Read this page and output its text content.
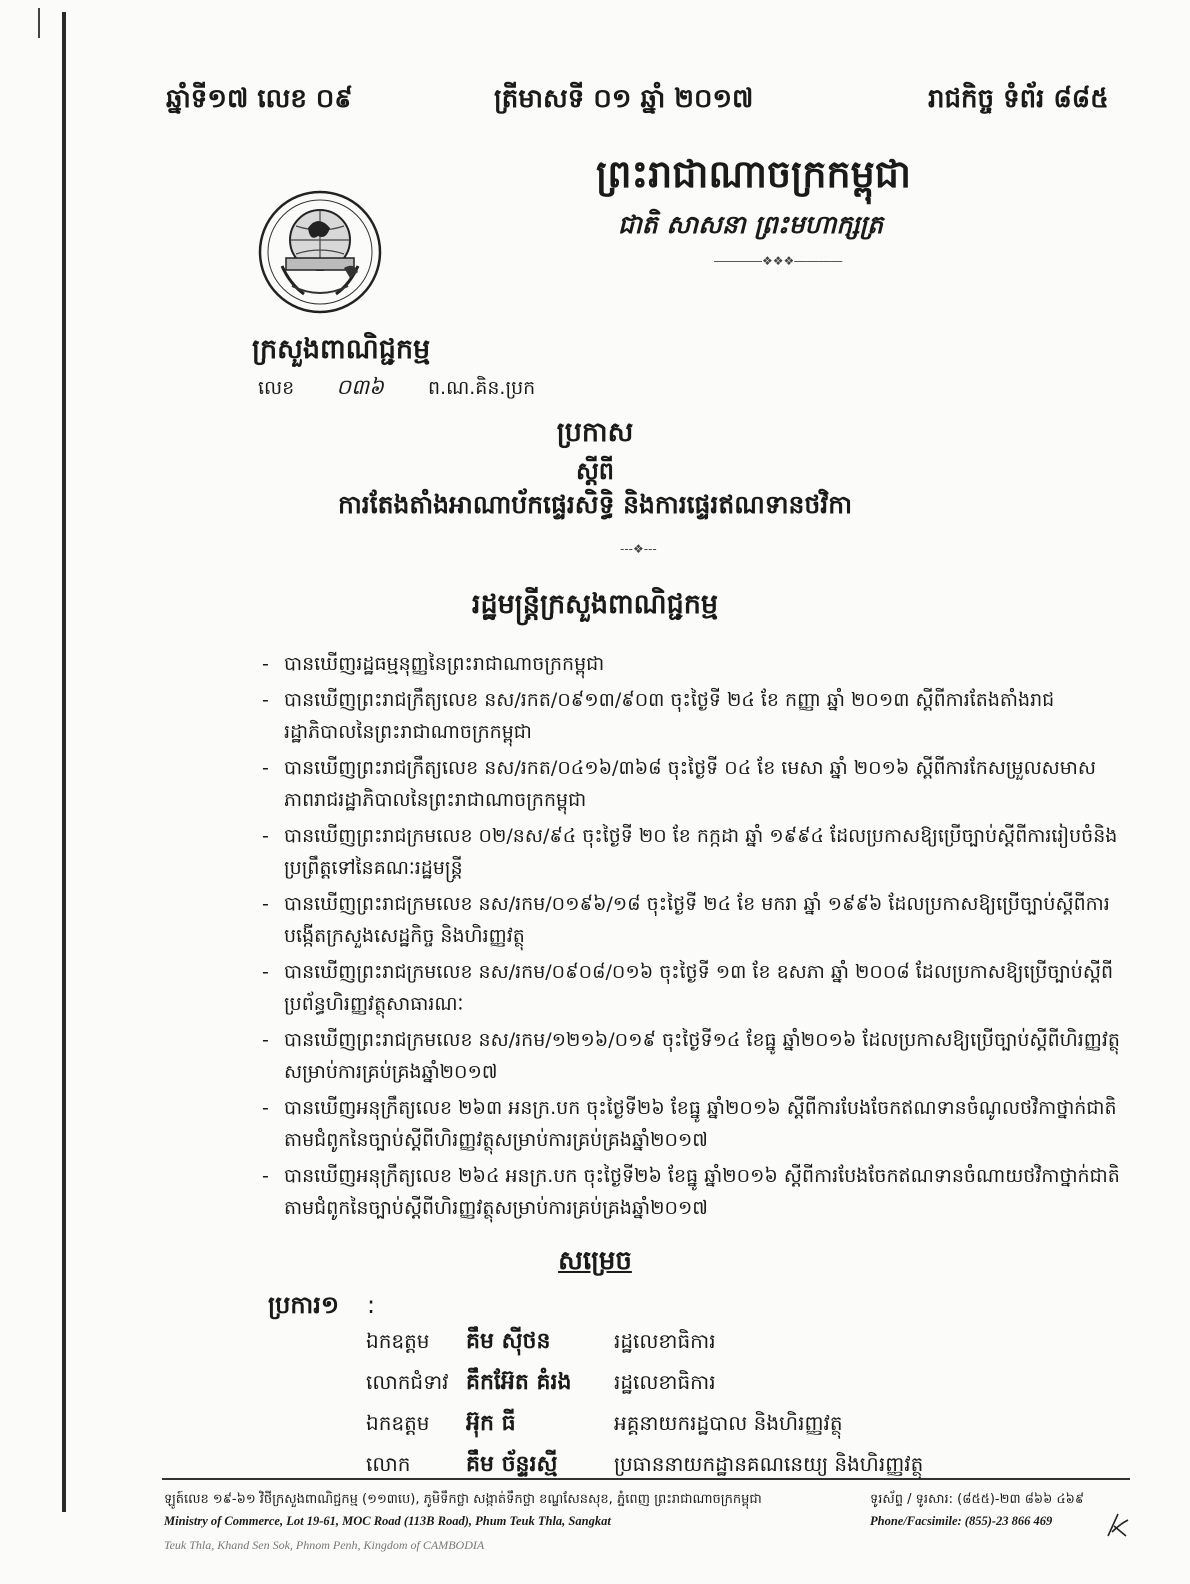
ឆ្នាំទី១៧ លេខ ០៩	ត្រីមាសទី ០១ ឆ្នាំ ២០១៧	រាជកិច្ច ទំព័រ ៨៨៥
ព្រះរាជាណាចក្រកម្ពុជា
ជាតិ សាសនា ព្រះមហាក្សត្រ
――――❖❖❖――――
ក្រសួងពាណិជ្ជកម្ម
លេខ ០៣៦ ព.ណ.គិន.ប្រក
ប្រកាស
ស្តីពី
ការតែងតាំងអាណាប័កផ្ទេរសិទ្ធិ និងការផ្ទេរឥណទានថវិកា
---❖---
រដ្ឋមន្ត្រីក្រសួងពាណិជ្ជកម្ម
- បានឃើញរដ្ឋធម្មនុញ្ញនៃព្រះរាជាណាចក្រកម្ពុជា
- បានឃើញព្រះរាជក្រឹត្យលេខ នស/រកត/០៩១៣/៩០៣ ចុះថ្ងៃទី ២៤ ខែ កញ្ញា ឆ្នាំ ២០១៣ ស្តីពីការតែងតាំងរាជរដ្ឋាភិបាលនៃព្រះរាជាណាចក្រកម្ពុជា
- បានឃើញព្រះរាជក្រឹត្យលេខ នស/រកត/០៤១៦/៣៦៨ ចុះថ្ងៃទី ០៤ ខែ មេសា ឆ្នាំ ២០១៦ ស្តីពីការកែសម្រួលសមាសភាពរាជរដ្ឋាភិបាលនៃព្រះរាជាណាចក្រកម្ពុជា
- បានឃើញព្រះរាជក្រមលេខ ០២/នស/៩៤ ចុះថ្ងៃទី ២០ ខែ កក្កដា ឆ្នាំ ១៩៩៤ ដែលប្រកាសឱ្យប្រើច្បាប់ស្តីពីការរៀបចំនិងប្រព្រឹត្តទៅនៃគណៈរដ្ឋមន្ត្រី
- បានឃើញព្រះរាជក្រមលេខ នស/រកម/០១៩៦/១៨ ចុះថ្ងៃទី ២៤ ខែ មករា ឆ្នាំ ១៩៩៦ ដែលប្រកាសឱ្យប្រើច្បាប់ស្តីពីការបង្កើតក្រសួងសេដ្ឋកិច្ច និងហិរញ្ញវត្ថុ
- បានឃើញព្រះរាជក្រមលេខ នស/រកម/០៩០៨/០១៦ ចុះថ្ងៃទី ១៣ ខែ ឧសភា ឆ្នាំ ២០០៨ ដែលប្រកាសឱ្យប្រើច្បាប់ស្តីពីប្រព័ន្ធហិរញ្ញវត្ថុសាធារណៈ
- បានឃើញព្រះរាជក្រមលេខ នស/រកម/១២១៦/០១៩ ចុះថ្ងៃទី១៤ ខែធ្នូ ឆ្នាំ២០១៦ ដែលប្រកាសឱ្យប្រើច្បាប់ស្តីពីហិរញ្ញវត្ថុសម្រាប់ការគ្រប់គ្រងឆ្នាំ២០១៧
- បានឃើញអនុក្រឹត្យលេខ ២៦៣ អនក្រ.បក ចុះថ្ងៃទី២៦ ខែធ្នូ ឆ្នាំ២០១៦ ស្តីពីការបែងចែកឥណទានចំណូលថវិកាថ្នាក់ជាតិតាមជំពូកនៃច្បាប់ស្តីពីហិរញ្ញវត្ថុសម្រាប់ការគ្រប់គ្រងឆ្នាំ២០១៧
- បានឃើញអនុក្រឹត្យលេខ ២៦៤ អនក្រ.បក ចុះថ្ងៃទី២៦ ខែធ្នូ ឆ្នាំ២០១៦ ស្តីពីការបែងចែកឥណទានចំណាយថវិកាថ្នាក់ជាតិតាមជំពូកនៃច្បាប់ស្តីពីហិរញ្ញវត្ថុសម្រាប់ការគ្រប់គ្រងឆ្នាំ២០១៧
សម្រេច
ប្រការ១ :
ឯកឧត្តម	គឹម ស៊ីថន	រដ្ឋលេខាធិការ
លោកជំទាវ	គឹកអ៊ែត គំរង	រដ្ឋលេខាធិការ
ឯកឧត្តម	អ៊ុក ធី	អគ្គនាយករដ្ឋបាល និងហិរញ្ញវត្ថុ
លោក	គឹម ច័ន្ទរស្មី	ប្រធាននាយកដ្ឋានគណនេយ្យ និងហិរញ្ញវត្ថុ
ឡូត៍លេខ ១៩-៦១ វិថីក្រសួងពាណិជ្ជកម្ម (១១៣បេ), ភូមិទឹកថ្លា សង្កាត់ទឹកថ្លា ខណ្ឌសែនសុខ, ភ្នំពេញ ព្រះរាជាណាចក្រកម្ពុជា
Ministry of Commerce, Lot 19-61, MOC Road (113B Road), Phum Teuk Thla, Sangkat
Teuk Thla, Khand Sen Sok, Phnom Penh, Kingdom of CAMBODIA
ទូរស័ព្ទ / ទូរសារ: (៨៥៥)-២៣ ៨៦៦ ៤៦៩
Phone/Facsimile: (855)-23 866 469
